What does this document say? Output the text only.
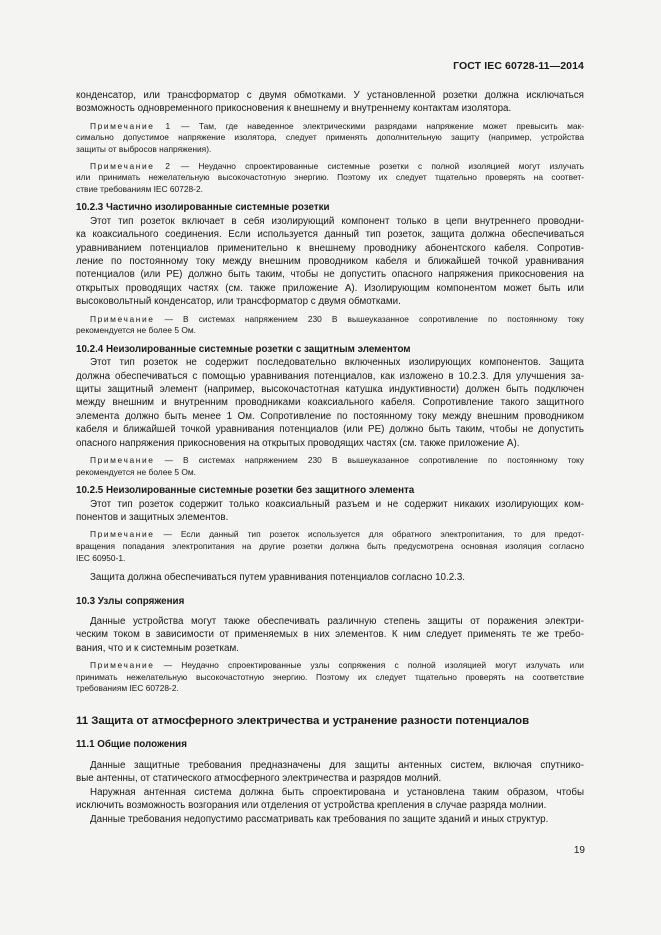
ГОСТ IEC 60728-11—2014
конденсатор, или трансформатор с двумя обмотками. У установленной розетки должна исключаться
возможность одновременного прикосновения к внешнему и внутреннему контактам изолятора.
Примечание 1 — Там, где наведенное электрическими разрядами напряжение может превысить мак-
симально допустимое напряжение изолятора, следует применять дополнительную защиту (например, устройства
защиты от выбросов напряжения).
Примечание 2 — Неудачно спроектированные системные розетки с полной изоляцией могут излучать
или принимать нежелательную высокочастотную энергию. Поэтому их следует тщательно проверять на соответ-
ствие требованиям IEC 60728-2.
10.2.3 Частично изолированные системные розетки
Этот тип розеток включает в себя изолирующий компонент только в цепи внутреннего проводни-
ка коаксиального соединения. Если используется данный тип розеток, защита должна обеспечиваться
уравниванием потенциалов применительно к внешнему проводнику абонентского кабеля. Сопротив-
ление по постоянному току между внешним проводником кабеля и ближайшей точкой уравнивания
потенциалов (или PE) должно быть таким, чтобы не допустить опасного напряжения прикосновения на
открытых проводящих частях (см. также приложение А). Изолирующим компонентом может быть или
высоковольтный конденсатор, или трансформатор с двумя обмотками.
Примечание — В системах напряжением 230 В вышеуказанное сопротивление по постоянному току
рекомендуется не более 5 Ом.
10.2.4 Неизолированные системные розетки с защитным элементом
Этот тип розеток не содержит последовательно включенных изолирующих компонентов. Защита
должна обеспечиваться с помощью уравнивания потенциалов, как изложено в 10.2.3. Для улучшения за-
щиты защитный элемент (например, высокочастотная катушка индуктивности) должен быть подключен
между внешним и внутренним проводниками коаксиального кабеля. Сопротивление такого защитного
элемента должно быть менее 1 Ом. Сопротивление по постоянному току между внешним проводником
кабеля и ближайшей точкой уравнивания потенциалов (или PE) должно быть таким, чтобы не допустить
опасного напряжения прикосновения на открытых проводящих частях (см. также приложение А).
Примечание — В системах напряжением 230 В вышеуказанное сопротивление по постоянному току
рекомендуется не более 5 Ом.
10.2.5 Неизолированные системные розетки без защитного элемента
Этот тип розеток содержит только коаксиальный разъем и не содержит никаких изолирующих ком-
понентов и защитных элементов.
Примечание — Если данный тип розеток используется для обратного электропитания, то для предот-
вращения попадания электропитания на другие розетки должна быть предусмотрена основная изоляция согласно
IEC 60950-1.
Защита должна обеспечиваться путем уравнивания потенциалов согласно 10.2.3.
10.3 Узлы сопряжения
Данные устройства могут также обеспечивать различную степень защиты от поражения электри-
ческим током в зависимости от применяемых в них элементов. К ним следует применять те же требо-
вания, что и к системным розеткам.
Примечание — Неудачно спроектированные узлы сопряжения с полной изоляцией могут излучать или
принимать нежелательную высокочастотную энергию. Поэтому их следует тщательно проверять на соответствие
требованиям IEC 60728-2.
11 Защита от атмосферного электричества и устранение разности потенциалов
11.1 Общие положения
Данные защитные требования предназначены для защиты антенных систем, включая спутнико-
вые антенны, от статического атмосферного электричества и разрядов молний.
Наружная антенная система должна быть спроектирована и установлена таким образом, чтобы
исключить возможность возгорания или отделения от устройства крепления в случае разряда молнии.
Данные требования недопустимо рассматривать как требования по защите зданий и иных структур.
19
